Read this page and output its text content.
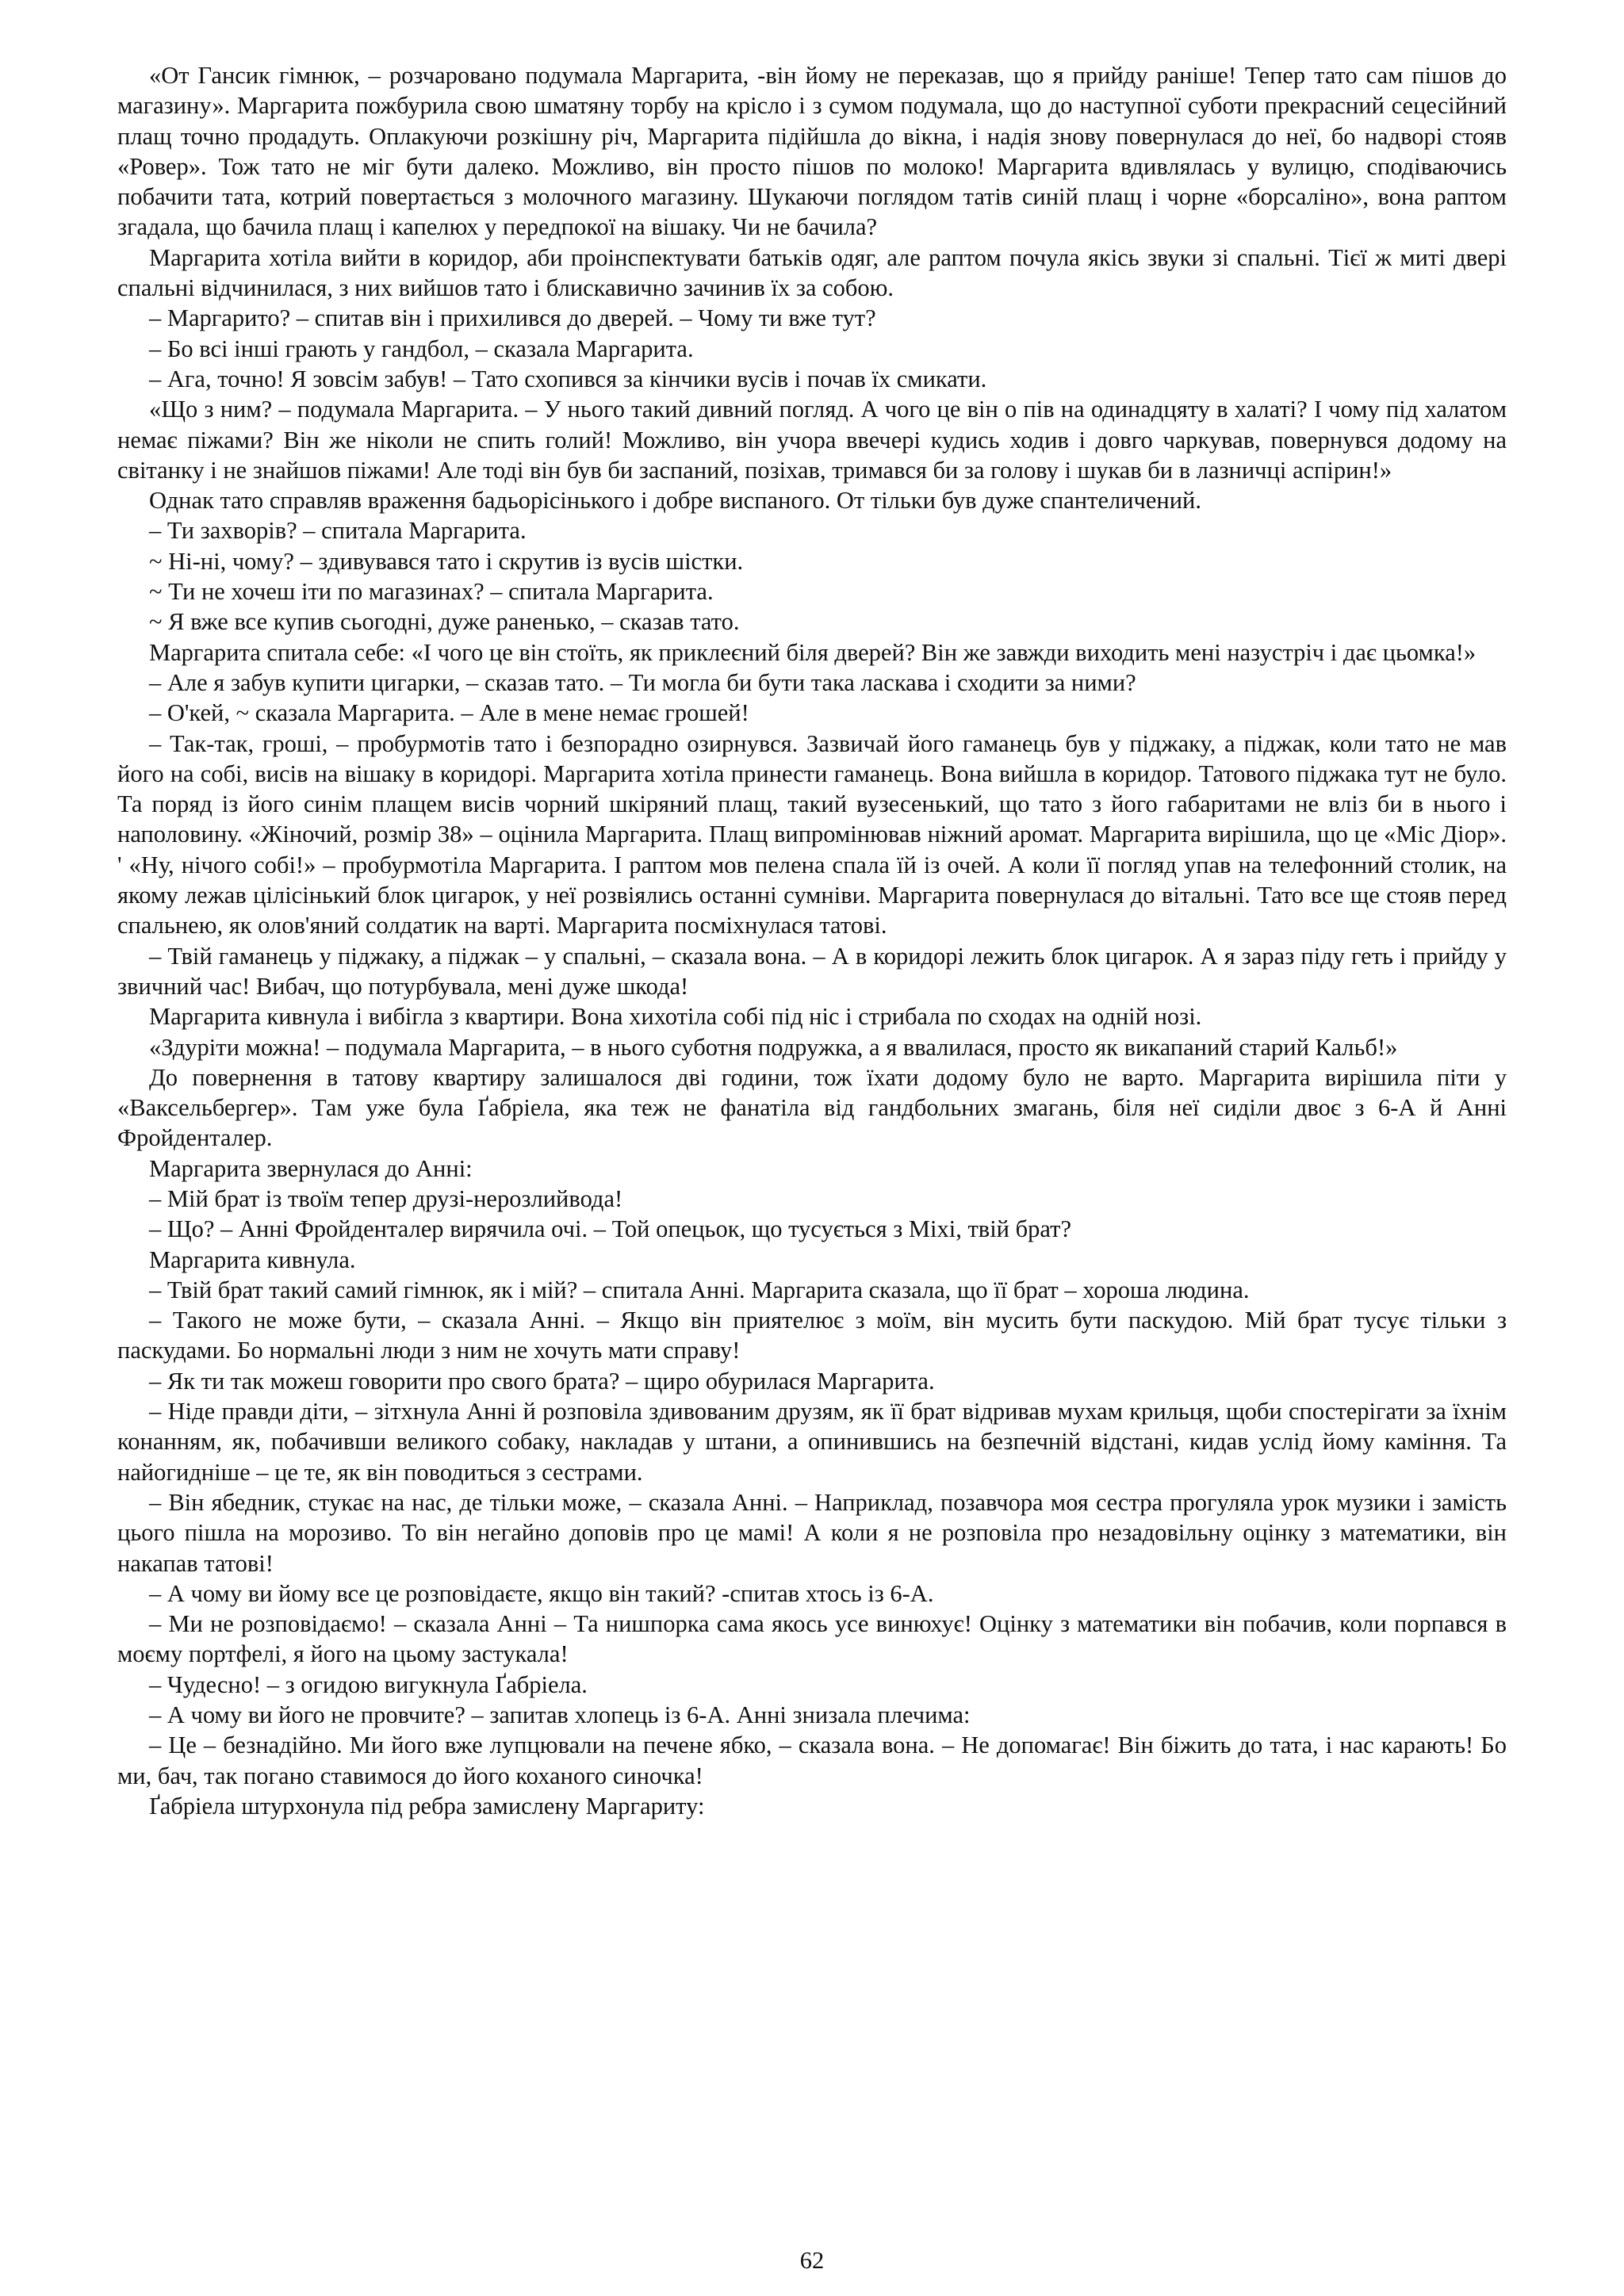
«От Гансик гімнюк, – розчаровано подумала Маргарита, -він йому не переказав, що я прийду раніше! Тепер тато сам пішов до магазину». Маргарита пожбурила свою шматяну торбу на крісло і з сумом подумала, що до наступної суботи прекрасний сецесійний плащ точно продадуть. Оплакуючи розкішну річ, Маргарита підійшла до вікна, і надія знову повернулася до неї, бо надворі стояв «Ровер». Тож тато не міг бути далеко. Можливо, він просто пішов по молоко! Маргарита вдивлялась у вулицю, сподіваючись побачити тата, котрий повертається з молочного магазину. Шукаючи поглядом татів синій плащ і чорне «борсаліно», вона раптом згадала, що бачила плащ і капелюх у передпокої на вішаку. Чи не бачила?

Маргарита хотіла вийти в коридор, аби проінспектувати батьків одяг, але раптом почула якісь звуки зі спальні. Тієї ж миті двері спальні відчинилася, з них вийшов тато і блискавично зачинив їх за собою.

– Маргарито? – спитав він і прихилився до дверей. – Чому ти вже тут?

– Бо всі інші грають у гандбол, – сказала Маргарита.

– Ага, точно! Я зовсім забув! – Тато схопився за кінчики вусів і почав їх смикати.

«Що з ним? – подумала Маргарита. – У нього такий дивний погляд. А чого це він о пів на одинадцяту в халаті? І чому під халатом немає піжами? Він же ніколи не спить голий! Можливо, він учора ввечері кудись ходив і довго чаркував, повернувся додому на світанку і не знайшов піжами! Але тоді він був би заспаний, позіхав, тримався би за голову і шукав би в лазничці аспірин!»

Однак тато справляв враження бадьорісінького і добре виспаного. От тільки був дуже спантеличений.

– Ти захворів? – спитала Маргарита.

~ Ні-ні, чому? – здивувався тато і скрутив із вусів шістки.

~ Ти не хочеш іти по магазинах? – спитала Маргарита.

~ Я вже все купив сьогодні, дуже раненько, – сказав тато.

Маргарита спитала себе: «І чого це він стоїть, як приклеєний біля дверей? Він же завжди виходить мені назустріч і дає цьомка!»

– Але я забув купити цигарки, – сказав тато. – Ти могла би бути така ласкава і сходити за ними?

– О'кей, ~ сказала Маргарита. – Але в мене немає грошей!

– Так-так, гроші, – пробурмотів тато і безпорадно озирнувся. Зазвичай його гаманець був у піджаку, а піджак, коли тато не мав його на собі, висів на вішаку в коридорі. Маргарита хотіла принести гаманець. Вона вийшла в коридор. Татового піджака тут не було. Та поряд із його синім плащем висів чорний шкіряний плащ, такий вузесенький, що тато з його габаритами не вліз би в нього і наполовину. «Жіночий, розмір 38» – оцінила Маргарита. Плащ випромінював ніжний аромат. Маргарита вирішила, що це «Міс Діор». ' «Ну, нічого собі!» – пробурмотіла Маргарита. І раптом мов пелена спала їй із очей. А коли її погляд упав на телефонний столик, на якому лежав цілісінький блок цигарок, у неї розвіялись останні сумніви. Маргарита повернулася до вітальні. Тато все ще стояв перед спальнею, як олов'яний солдатик на варті. Маргарита посміхнулася татові.

– Твій гаманець у піджаку, а піджак – у спальні, – сказала вона. – А в коридорі лежить блок цигарок. А я зараз піду геть і прийду у звичний час! Вибач, що потурбувала, мені дуже шкода!

Маргарита кивнула і вибігла з квартири. Вона хихотіла собі під ніс і стрибала по сходах на одній нозі.

«Здуріти можна! – подумала Маргарита, – в нього суботня подружка, а я ввалилася, просто як викапаний старий Кальб!»

До повернення в татову квартиру залишалося дві години, тож їхати додому було не варто. Маргарита вирішила піти у «Ваксельбергер». Там уже була Ґабріела, яка теж не фанатіла від гандбольних змагань, біля неї сиділи двоє з 6-А й Анні Фройденталер.

Маргарита звернулася до Анні:

– Мій брат із твоїм тепер друзі-нерозлийвода!

– Що? – Анні Фройденталер вирячила очі. – Той опецьок, що тусується з Міхі, твій брат?

Маргарита кивнула.

– Твій брат такий самий гімнюк, як і мій? – спитала Анні. Маргарита сказала, що її брат – хороша людина.

– Такого не може бути, – сказала Анні. – Якщо він приятелює з моїм, він мусить бути паскудою. Мій брат тусує тільки з паскудами. Бо нормальні люди з ним не хочуть мати справу!

– Як ти так можеш говорити про свого брата? – щиро обурилася Маргарита.

– Ніде правди діти, – зітхнула Анні й розповіла здивованим друзям, як її брат відривав мухам крильця, щоби спостерігати за їхнім конанням, як, побачивши великого собаку, накладав у штани, а опинившись на безпечній відстані, кидав услід йому каміння. Та найогидніше – це те, як він поводиться з сестрами.

– Він ябедник, стукає на нас, де тільки може, – сказала Анні. – Наприклад, позавчора моя сестра прогуляла урок музики і замість цього пішла на морозиво. То він негайно доповів про це мамі! А коли я не розповіла про незадовільну оцінку з математики, він накапав татові!

– А чому ви йому все це розповідаєте, якщо він такий? -спитав хтось із 6-А.

– Ми не розповідаємо! – сказала Анні – Та нишпорка сама якось усе винюхує! Оцінку з математики він побачив, коли порпався в моєму портфелі, я його на цьому застукала!

– Чудесно! – з огидою вигукнула Ґабріела.

– А чому ви його не провчите? – запитав хлопець із 6-А. Анні знизала плечима:

– Це – безнадійно. Ми його вже лупцювали на печене ябко, – сказала вона. – Не допомагає! Він біжить до тата, і нас карають! Бо ми, бач, так погано ставимося до його коханого синочка!

Ґабріела штурхонула під ребра замислену Маргариту:

62
